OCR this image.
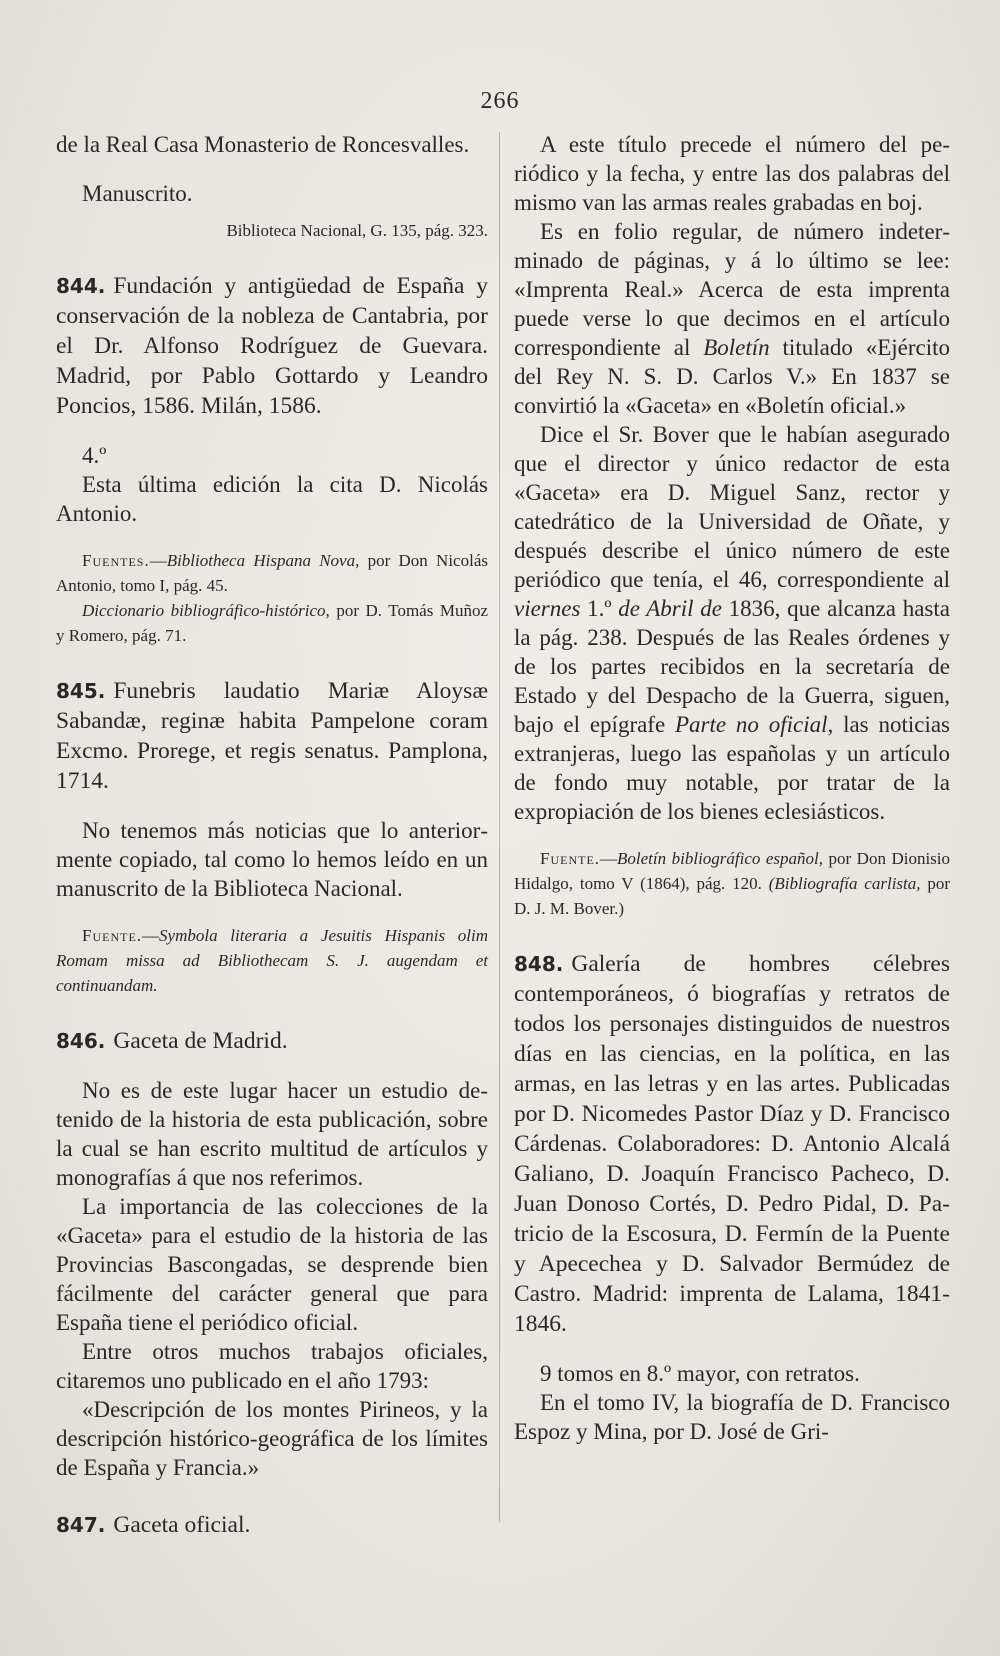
266

de la Real Casa Monasterio de Roncesvalles.

Manuscrito.

Biblioteca Nacional, G. 135, pág. 323.

844. Fundación y antigüedad de España y conservación de la nobleza de Cantabria, por el Dr. Alfonso Rodríguez de Guevara. Madrid, por Pablo Gottardo y Leandro Poncios, 1586. Milán, 1586.

4.º

Esta última edición la cita D. Nicolás Antonio.

Fuentes.—Bibliotheca Hispana Nova, por Don Nicolás Antonio, tomo I, pág. 45.

Diccionario bibliográfico-histórico, por D. Tomás Muñoz y Romero, pág. 71.

845. Funebris laudatio Mariæ Aloysæ Sabandæ, reginæ habita Pampelone coram Excmo. Prorege, et regis senatus. Pamplona, 1714.

No tenemos más noticias que lo anteriormente copiado, tal como lo hemos leído en un manuscrito de la Biblioteca Nacional.

Fuente.—Symbola literaria a Jesuitis Hispanis olim Romam missa ad Bibliothecam S. J. augendam et continuandam.

846. Gaceta de Madrid.

No es de este lugar hacer un estudio detenido de la historia de esta publicación, sobre la cual se han escrito multitud de artículos y monografías á que nos referimos.

La importancia de las colecciones de la «Gaceta» para el estudio de la historia de las Provincias Bascongadas, se desprende bien fácilmente del carácter general que para España tiene el periódico oficial.

Entre otros muchos trabajos oficiales, citaremos uno publicado en el año 1793:

«Descripción de los montes Pirineos, y la descripción histórico-geográfica de los límites de España y Francia.»

847. Gaceta oficial.

A este título precede el número del periódico y la fecha, y entre las dos palabras del mismo van las armas reales grabadas en boj.

Es en folio regular, de número indeterminado de páginas, y á lo último se lee: «Imprenta Real.» Acerca de esta imprenta puede verse lo que decimos en el artículo correspondiente al Boletín titulado «Ejército del Rey N. S. D. Carlos V.» En 1837 se convirtió la «Gaceta» en «Boletín oficial.»

Dice el Sr. Bover que le habían asegurado que el director y único redactor de esta «Gaceta» era D. Miguel Sanz, rector y catedrático de la Universidad de Oñate, y después describe el único número de este periódico que tenía, el 46, correspondiente al viernes 1.º de Abril de 1836, que alcanza hasta la pág. 238. Después de las Reales órdenes y de los partes recibidos en la secretaría de Estado y del Despacho de la Guerra, siguen, bajo el epígrafe Parte no oficial, las noticias extranjeras, luego las españolas y un artículo de fondo muy notable, por tratar de la expropiación de los bienes eclesiásticos.

Fuente.—Boletín bibliográfico español, por Don Dionisio Hidalgo, tomo V (1864), pág. 120. (Bibliografía carlista, por D. J. M. Bover.)

848. Galería de hombres célebres contemporáneos, ó biografías y retratos de todos los personajes distinguidos de nuestros días en las ciencias, en la política, en las armas, en las letras y en las artes. Publicadas por D. Nicomedes Pastor Díaz y D. Francisco Cárdenas. Colaboradores: D. Antonio Alcalá Galiano, D. Joaquín Francisco Pacheco, D. Juan Donoso Cortés, D. Pedro Pidal, D. Patricio de la Escosura, D. Fermín de la Puente y Apecechea y D. Salvador Bermúdez de Castro. Madrid: imprenta de Lalama, 1841-1846.

9 tomos en 8.º mayor, con retratos.

En el tomo IV, la biografía de D. Francisco Espoz y Mina, por D. José de Gri-
